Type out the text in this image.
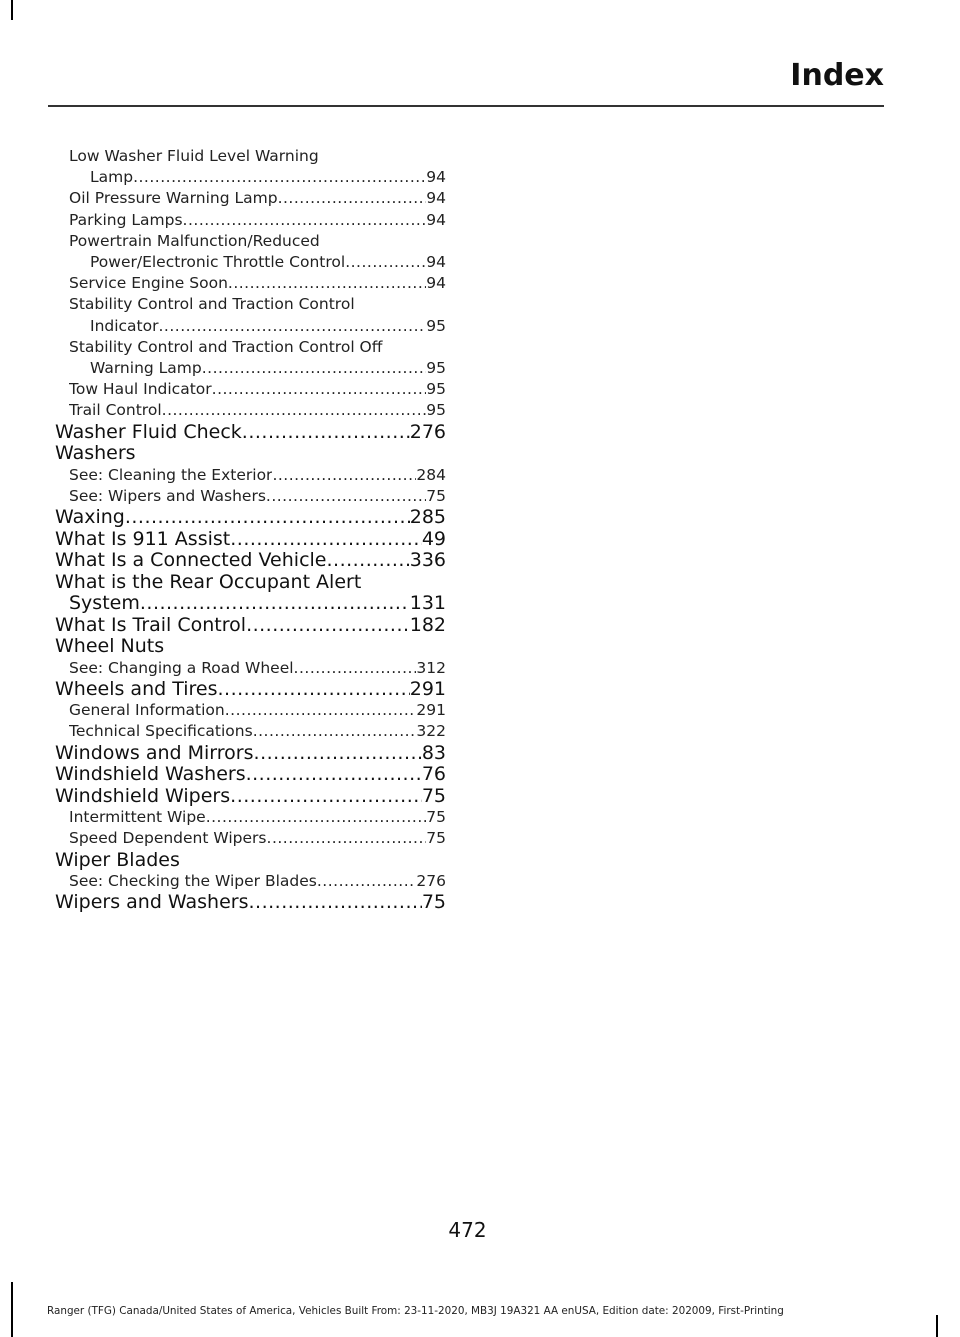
Index
Low Washer Fluid Level Warning
Lamp .....	94
Oil Pressure Warning Lamp .....	94
Parking Lamps .....	94
Powertrain Malfunction/Reduced
Power/Electronic Throttle Control .....	94
Service Engine Soon .....	94
Stability Control and Traction Control
Indicator .....	95
Stability Control and Traction Control Off
Warning Lamp .....	95
Tow Haul Indicator .....	95
Trail Control .....	95
Washer Fluid Check .....	276
Washers
See: Cleaning the Exterior .....	284
See: Wipers and Washers .....	75
Waxing .....	285
What Is 911 Assist .....	49
What Is a Connected Vehicle .....	336
What is the Rear Occupant Alert
System .....	131
What Is Trail Control .....	182
Wheel Nuts
See: Changing a Road Wheel .....	312
Wheels and Tires .....	291
General Information .....	291
Technical Specifications .....	322
Windows and Mirrors .....	83
Windshield Washers .....	76
Windshield Wipers .....	75
Intermittent Wipe .....	75
Speed Dependent Wipers .....	75
Wiper Blades
See: Checking the Wiper Blades .....	276
Wipers and Washers .....	75
472
Ranger (TFG) Canada/United States of America, Vehicles Built From: 23-11-2020, MB3J 19A321 AA enUSA, Edition date: 202009, First-Printing
